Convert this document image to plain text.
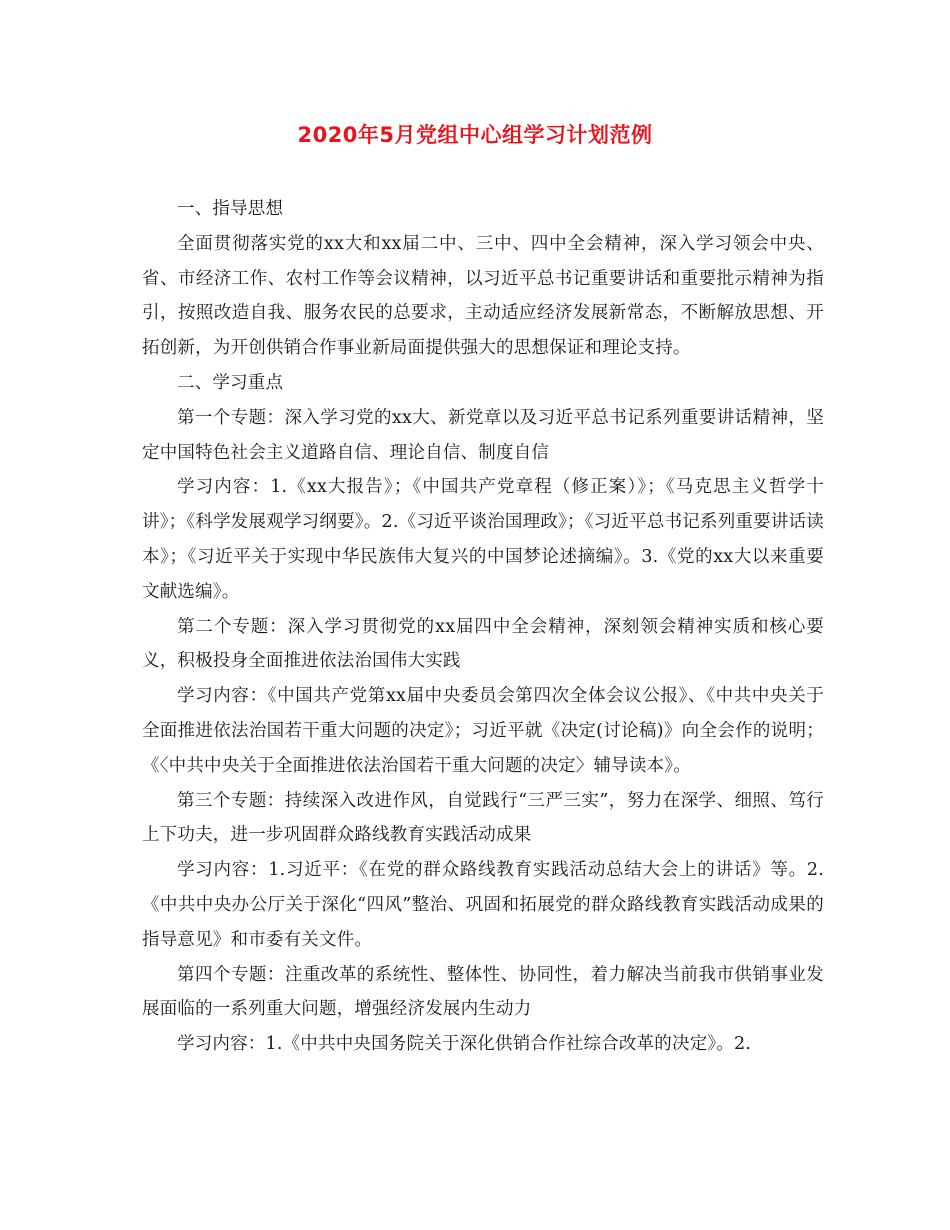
2020年5月党组中心组学习计划范例

一、指导思想

全面贯彻落实党的xx大和xx届二中、三中、四中全会精神，深入学习领会中央、省、市经济工作、农村工作等会议精神，以习近平总书记重要讲话和重要批示精神为指引，按照改造自我、服务农民的总要求，主动适应经济发展新常态，不断解放思想、开拓创新，为开创供销合作事业新局面提供强大的思想保证和理论支持。

二、学习重点

第一个专题：深入学习党的xx大、新党章以及习近平总书记系列重要讲话精神，坚定中国特色社会主义道路自信、理论自信、制度自信

学习内容：1.《xx大报告》；《中国共产党章程（修正案）》；《马克思主义哲学十讲》；《科学发展观学习纲要》。2.《习近平谈治国理政》；《习近平总书记系列重要讲话读本》；《习近平关于实现中华民族伟大复兴的中国梦论述摘编》。3.《党的xx大以来重要文献选编》。

第二个专题：深入学习贯彻党的xx届四中全会精神，深刻领会精神实质和核心要义，积极投身全面推进依法治国伟大实践

学习内容：《中国共产党第xx届中央委员会第四次全体会议公报》、《中共中央关于全面推进依法治国若干重大问题的决定》；习近平就《决定(讨论稿)》向全会作的说明；《〈中共中央关于全面推进依法治国若干重大问题的决定〉辅导读本》。

第三个专题：持续深入改进作风，自觉践行“三严三实”，努力在深学、细照、笃行上下功夫，进一步巩固群众路线教育实践活动成果

学习内容：1.习近平：《在党的群众路线教育实践活动总结大会上的讲话》等。2.《中共中央办公厅关于深化“四风”整治、巩固和拓展党的群众路线教育实践活动成果的指导意见》和市委有关文件。

第四个专题：注重改革的系统性、整体性、协同性，着力解决当前我市供销事业发展面临的一系列重大问题，增强经济发展内生动力

学习内容：1.《中共中央国务院关于深化供销合作社综合改革的决定》。2.
